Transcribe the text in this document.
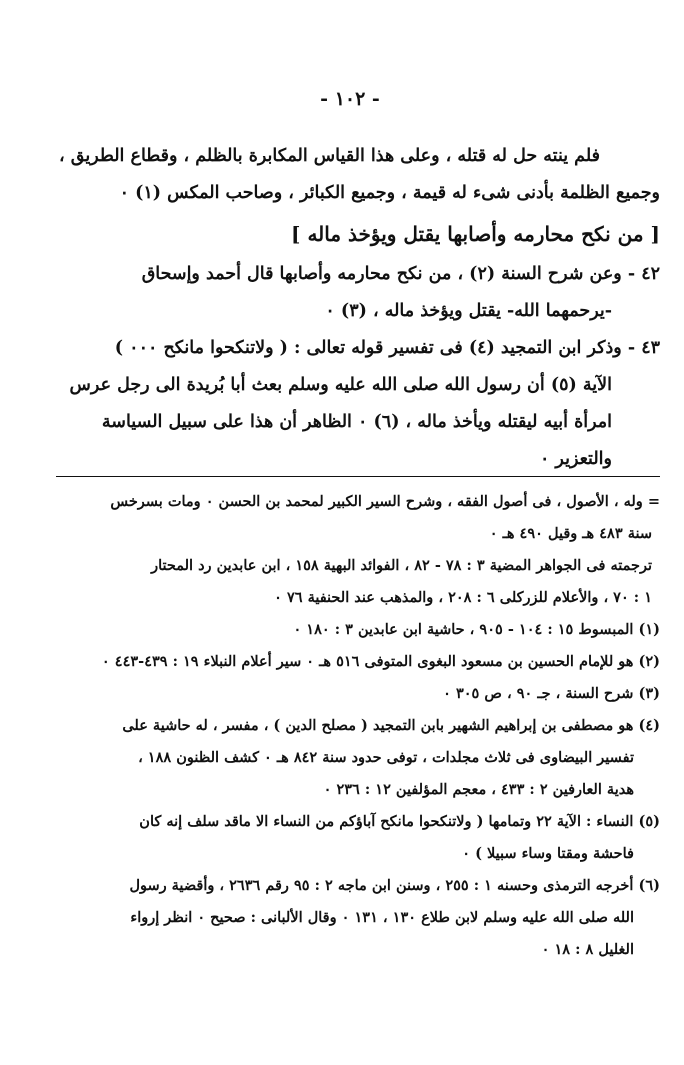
- ١٠٢ -
فلم ينته حل له قتله ، وعلى هذا القياس المكابرة بالظلم ، وقطاع الطريق ،
وجميع الظلمة بأدنى شىء له قيمة ، وجميع الكبائر ، وصاحب المكس (١) ٠
[ من نكح محارمه وأصابها يقتل ويؤخذ ماله ]
٤٢ - وعن شرح السنة (٢) ، من نكح محارمه وأصابها قال أحمد وإسحاق
-يرحمهما الله- يقتل ويؤخذ ماله ، (٣) ٠
٤٣ - وذكر ابن التمجيد (٤) فى تفسير قوله تعالى : ( ولاتنكحوا مانكح ٠٠٠ )
الآية (٥) أن رسول الله صلى الله عليه وسلم بعث أبا بُريدة الى رجل عرس
امرأة أبيه ليقتله ويأخذ ماله ، (٦) ٠ الظاهر أن هذا على سبيل السياسة
والتعزير ٠
= وله ، الأصول ، فى أصول الفقه ، وشرح السير الكبير لمحمد بن الحسن ٠ ومات بسرخس
سنة ٤٨٣ هـ وقيل ٤٩٠ هـ ٠
ترجمته فى الجواهر المضية ٣ : ٧٨ - ٨٢ ، الفوائد البهية ١٥٨ ، ابن عابدين رد المحتار
١ : ٧٠ ، والأعلام للزركلى ٦ : ٢٠٨ ، والمذهب عند الحنفية ٧٦ ٠
(١) المبسوط ١٥ : ١٠٤ - ٩٠٥ ، حاشية ابن عابدين ٣ : ١٨٠ ٠
(٢) هو للإمام الحسين بن مسعود البغوى المتوفى ٥١٦ هـ ٠ سير أعلام النبلاء ١٩ : ٤٣٩-٤٤٣ ٠
(٣) شرح السنة ، جـ ٩٠ ، ص ٣٠٥ ٠
(٤) هو مصطفى بن إبراهيم الشهير بابن التمجيد ( مصلح الدين ) ، مفسر ، له حاشية على
تفسير البيضاوى فى ثلاث مجلدات ، توفى حدود سنة ٨٤٢ هـ ٠ كشف الظنون ١٨٨ ،
هدية العارفين ٢ : ٤٣٣ ، معجم المؤلفين ١٢ : ٢٣٦ ٠
(٥) النساء : الآية ٢٢ وتمامها ( ولاتنكحوا مانكح آباؤكم من النساء الا ماقد سلف إنه كان
فاحشة ومقتا وساء سبيلا ) ٠
(٦) أخرجه الترمذى وحسنه ١ : ٢٥٥ ، وسنن ابن ماجه ٢ : ٩٥ رقم ٢٦٣٦ ، وأقضية رسول
الله صلى الله عليه وسلم لابن طلاع ١٣٠ ، ١٣١ ٠ وقال الألبانى : صحيح ٠ انظر إرواء
الغليل ٨ : ١٨ ٠
